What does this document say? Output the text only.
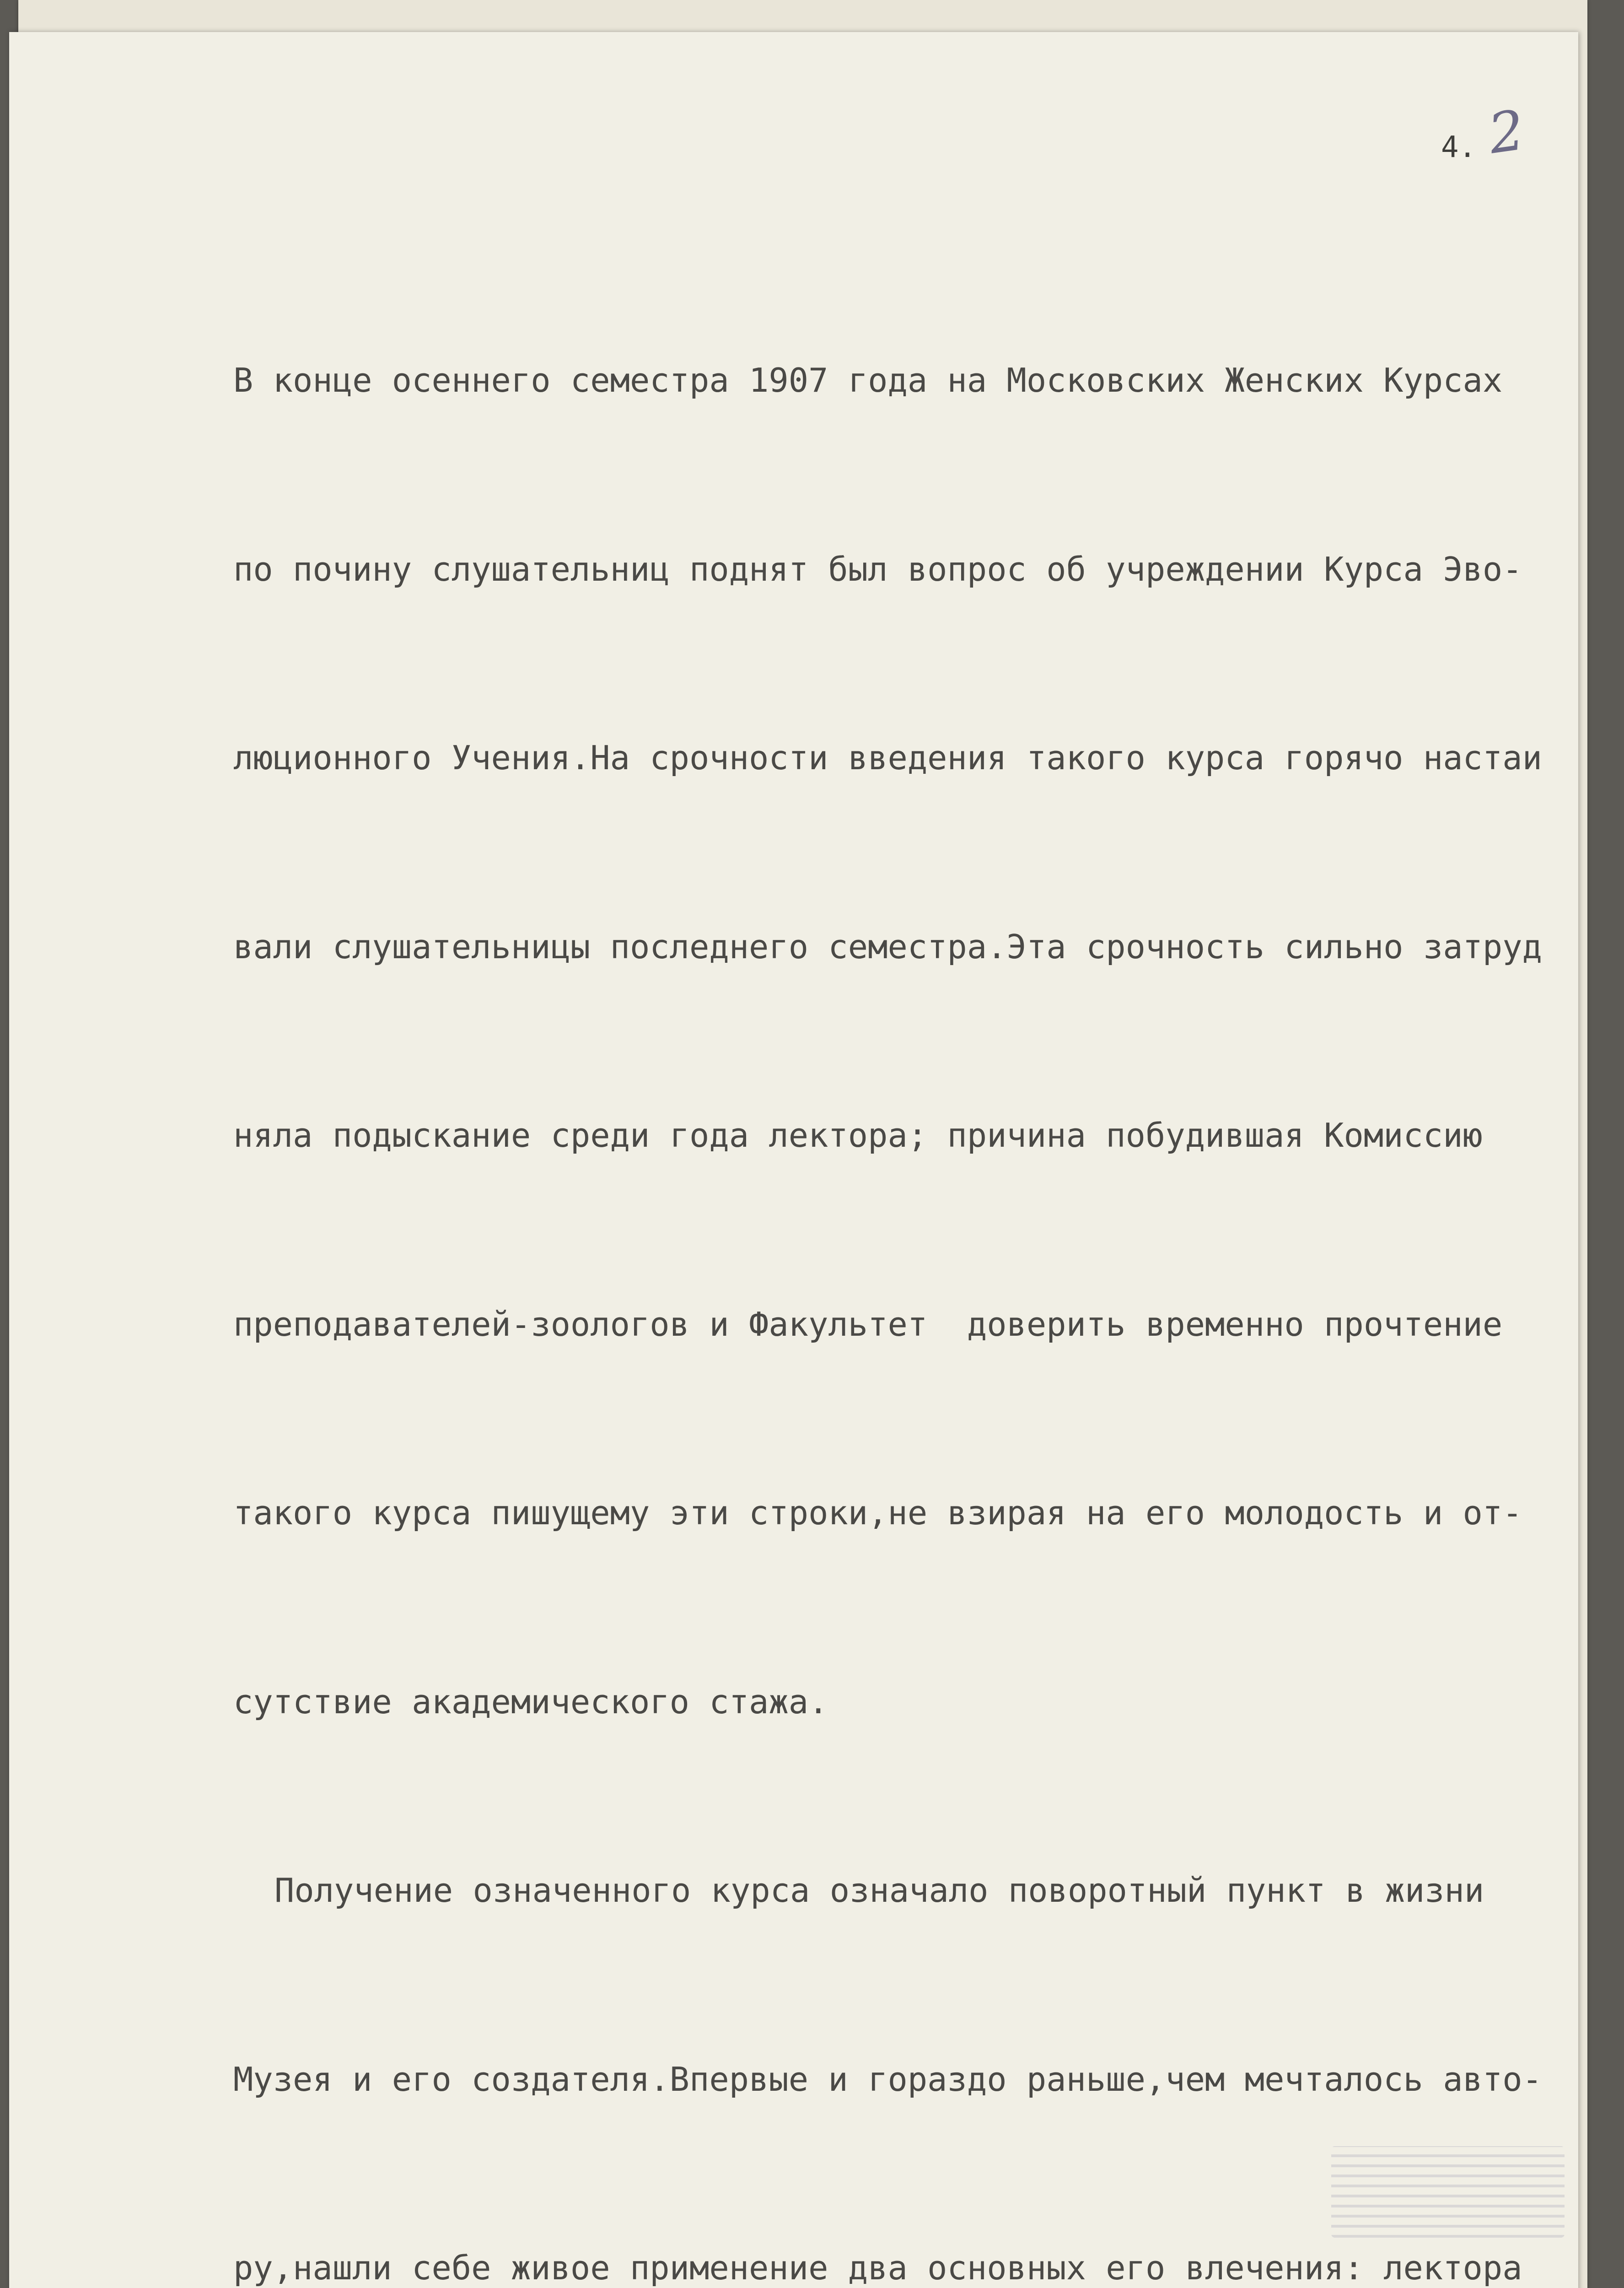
4. 2

В конце осеннего семестра 1907 года на Московских Женских Курсах

по почину слушательниц поднят был вопрос об учреждении Курса Эво-

люционного Учения.На срочности введения такого курса горячо настаи

вали слушательницы последнего семестра.Эта срочность сильно затруд

няла подыскание среди года лектора; причина побудившая Комиссию

преподавателей-зоологов и Факультет  доверить временно прочтение

такого курса пишущему эти строки,не взирая на его молодость и от-

сутствие академического стажа.

Получение означенного курса означало поворотный пункт в жизни

Музея и его создателя.Впервые и гораздо раньше,чем мечталось авто-

ру,нашли себе живое применение два основных его влечения: лектора
